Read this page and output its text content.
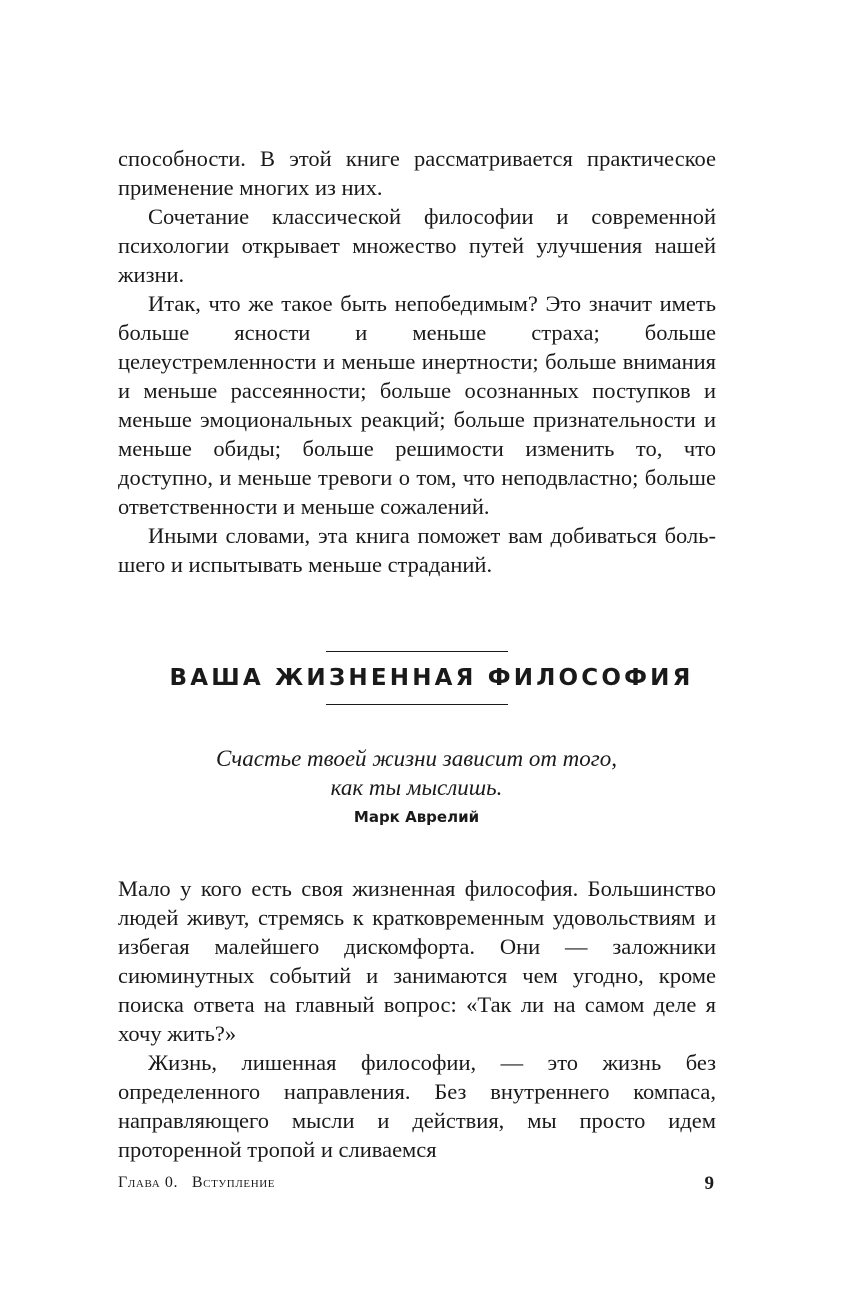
способности. В этой книге рассматривается практическое применение многих из них.

Сочетание классической философии и современной психологии открывает множество путей улучшения нашей жизни.

Итак, что же такое быть непобедимым? Это значит иметь больше ясности и меньше страха; больше целеустремленности и меньше инертности; больше внимания и меньше рассеянности; больше осознанных поступков и меньше эмоциональных реакций; больше признательности и меньше обиды; больше решимости изменить то, что доступно, и меньше тревоги о том, что неподвластно; больше ответственности и меньше сожалений.

Иными словами, эта книга поможет вам добиваться большего и испытывать меньше страданий.

ВАША ЖИЗНЕННАЯ ФИЛОСОФИЯ

Счастье твоей жизни зависит от того,
как ты мыслишь.

Марк Аврелий

Мало у кого есть своя жизненная философия. Большинство людей живут, стремясь к кратковременным удовольствиям и избегая малейшего дискомфорта. Они — заложники сиюминутных событий и занимаются чем угодно, кроме поиска ответа на главный вопрос: «Так ли на самом деле я хочу жить?»

Жизнь, лишенная философии, — это жизнь без определенного направления. Без внутреннего компаса, направляющего мысли и действия, мы просто идем проторенной тропой и сливаемся

Глава 0. Вступление	9
